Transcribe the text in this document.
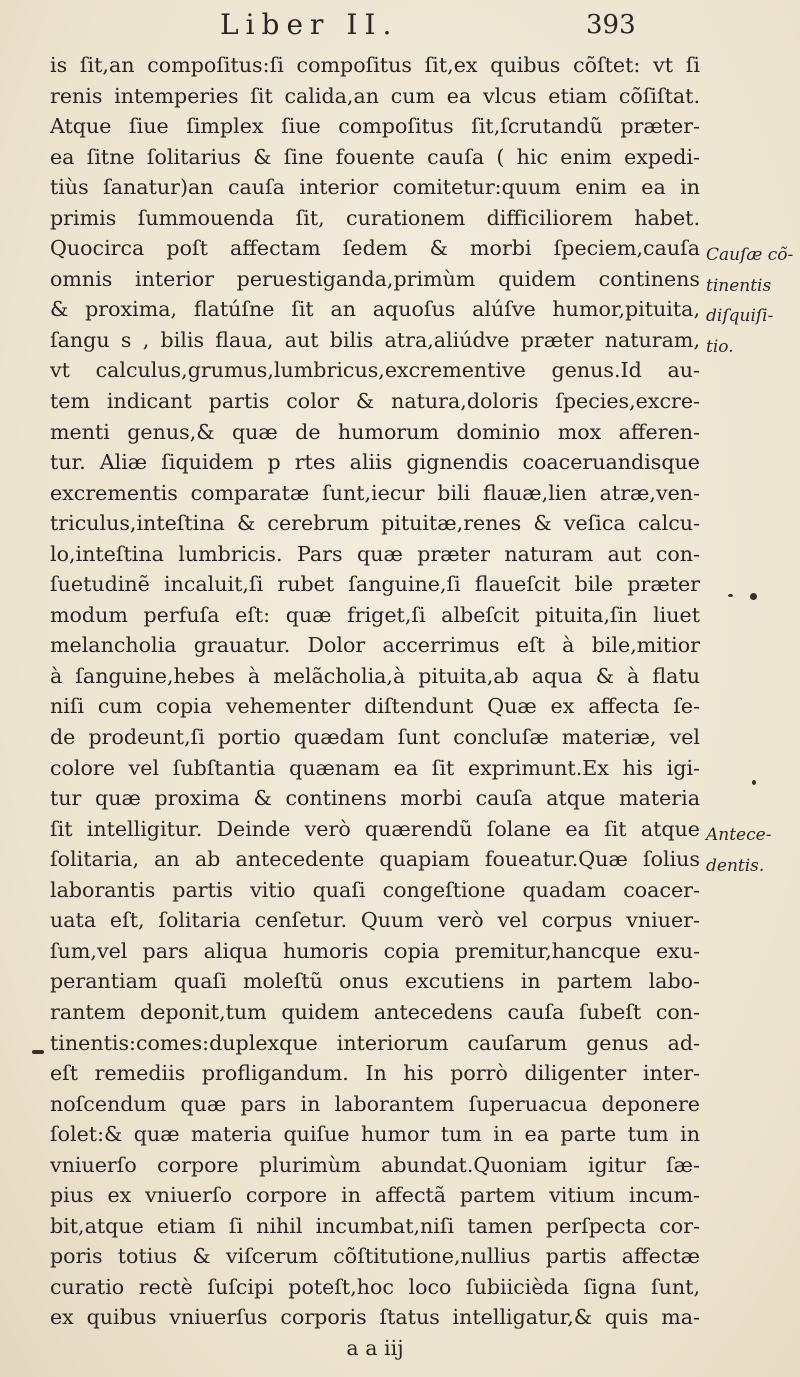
Liber II.	393
is ſit,an compoſitus:ſi compoſitus ſit,ex quibus cõſtet: vt ſi
renis intemperies ſit calida,an cum ea vlcus etiam cõſiſtat.
Atque ſiue ſimplex ſiue compoſitus ſit,ſcrutandũ præter-
ea ſitne ſolitarius & ſine fouente cauſa ( hic enim expedi-
tiùs ſanatur)an cauſa interior comitetur:quum enim ea in
primis ſummouenda ſit, curationem difficiliorem habet.
Quocirca poſt affectam ſedem & morbi ſpeciem,cauſa
omnis interior peruestiganda,primùm quidem continens
& proxima, flatúſne ſit an aquoſus alúſve humor,pituita,
ſangu s , bilis flaua, aut bilis atra,aliúdve præter naturam,
vt calculus,grumus,lumbricus,excrementive genus.Id au-
tem indicant partis color & natura,doloris ſpecies,excre-
menti genus,& quæ de humorum dominio mox afferen-
tur. Aliæ ſiquidem p rtes aliis gignendis coaceruandisque
excrementis comparatæ ſunt,iecur bili flauæ,lien atræ,ven-
triculus,inteſtina & cerebrum pituitæ,renes & veſica calcu-
lo,inteſtina lumbricis. Pars quæ præter naturam aut con-
ſuetudinẽ incaluit,ſi rubet ſanguine,ſi flaueſcit bile præter
modum perfuſa eſt: quæ friget,ſi albeſcit pituita,ſin liuet
melancholia grauatur. Dolor accerrimus eſt à bile,mitior
à ſanguine,hebes à melãcholia,à pituita,ab aqua & à flatu
niſi cum copia vehementer diſtendunt Quæ ex affecta ſe-
de prodeunt,ſi portio quædam ſunt concluſæ materiæ, vel
colore vel ſubſtantia quænam ea ſit exprimunt.Ex his igi-
tur quæ proxima & continens morbi cauſa atque materia
ſit intelligitur. Deinde verò quærendũ ſolane ea ſit atque
ſolitaria, an ab antecedente quapiam foueatur.Quæ ſolius
laborantis partis vitio quaſi congeſtione quadam coacer-
uata eſt, ſolitaria cenſetur. Quum verò vel corpus vniuer-
ſum,vel pars aliqua humoris copia premitur,hancque exu-
perantiam quaſi moleſtũ onus excutiens in partem labo-
rantem deponit,tum quidem antecedens cauſa ſubeſt con-
tinentis:comes:duplexque interiorum cauſarum genus ad-
eſt remediis profligandum. In his porrò diligenter inter-
noſcendum quæ pars in laborantem ſuperuacua deponere
ſolet:& quæ materia quiſue humor tum in ea parte tum in
vniuerſo corpore plurimùm abundat.Quoniam igitur ſæ-
pius ex vniuerſo corpore in affectã partem vitium incum-
bit,atque etiam ſi nihil incumbat,niſi tamen perſpecta cor-
poris totius & viſcerum cõſtitutione,nullius partis affectæ
curatio rectè ſuſcipi poteſt,hoc loco ſubiicièda ſigna ſunt,
ex quibus vniuerſus corporis ſtatus intelligatur,& quis ma-
a a iij
Cauſæ cõ-
tinentis
diſquiſi-
tio.
Antece-
dentis.
